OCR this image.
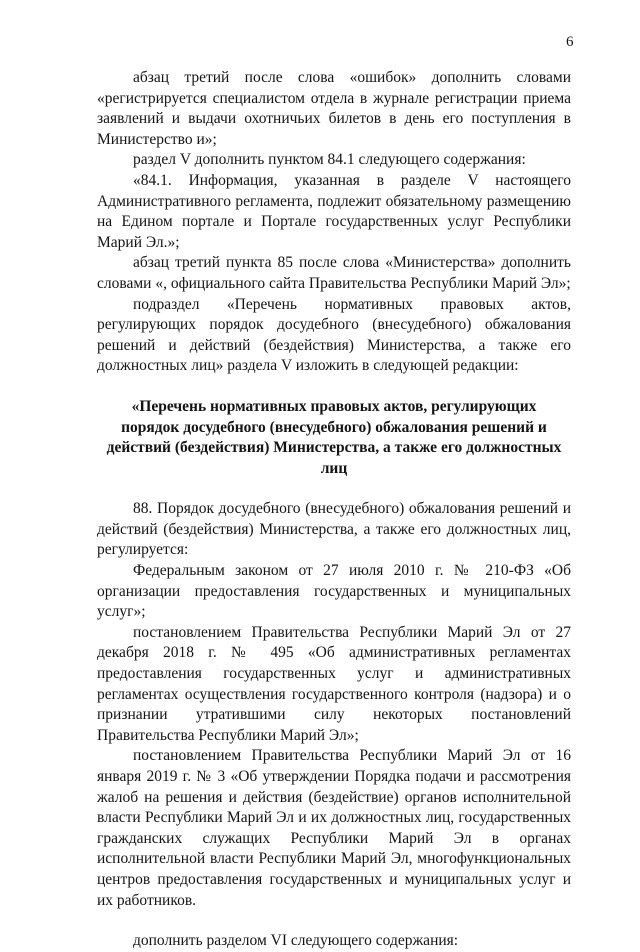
6

абзац третий после слова «ошибок» дополнить словами «регистрируется специалистом отдела в журнале регистрации приема заявлений и выдачи охотничьих билетов в день его поступления в Министерство и»;

раздел V дополнить пунктом 84.1 следующего содержания:

«84.1. Информация, указанная в разделе V настоящего Административного регламента, подлежит обязательному размещению на Едином портале и Портале государственных услуг Республики Марий Эл.»;

абзац третий пункта 85 после слова «Министерства» дополнить словами «, официального сайта Правительства Республики Марий Эл»;

подраздел «Перечень нормативных правовых актов, регулирующих порядок досудебного (внесудебного) обжалования решений и действий (бездействия) Министерства, а также его должностных лиц» раздела V изложить в следующей редакции:

«Перечень нормативных правовых актов, регулирующих порядок досудебного (внесудебного) обжалования решений и действий (бездействия) Министерства, а также его должностных лиц

88. Порядок досудебного (внесудебного) обжалования решений и действий (бездействия) Министерства, а также его должностных лиц, регулируется:

Федеральным законом от 27 июля 2010 г. № 210-ФЗ «Об организации предоставления государственных и муниципальных услуг»;

постановлением Правительства Республики Марий Эл от 27 декабря 2018 г. № 495 «Об административных регламентах предоставления государственных услуг и административных регламентах осуществления государственного контроля (надзора) и о признании утратившими силу некоторых постановлений Правительства Республики Марий Эл»;

постановлением Правительства Республики Марий Эл от 16 января 2019 г. № 3 «Об утверждении Порядка подачи и рассмотрения жалоб на решения и действия (бездействие) органов исполнительной власти Республики Марий Эл и их должностных лиц, государственных гражданских служащих Республики Марий Эл в органах исполнительной власти Республики Марий Эл, многофункциональных центров предоставления государственных и муниципальных услуг и их работников.

дополнить разделом VI следующего содержания:
